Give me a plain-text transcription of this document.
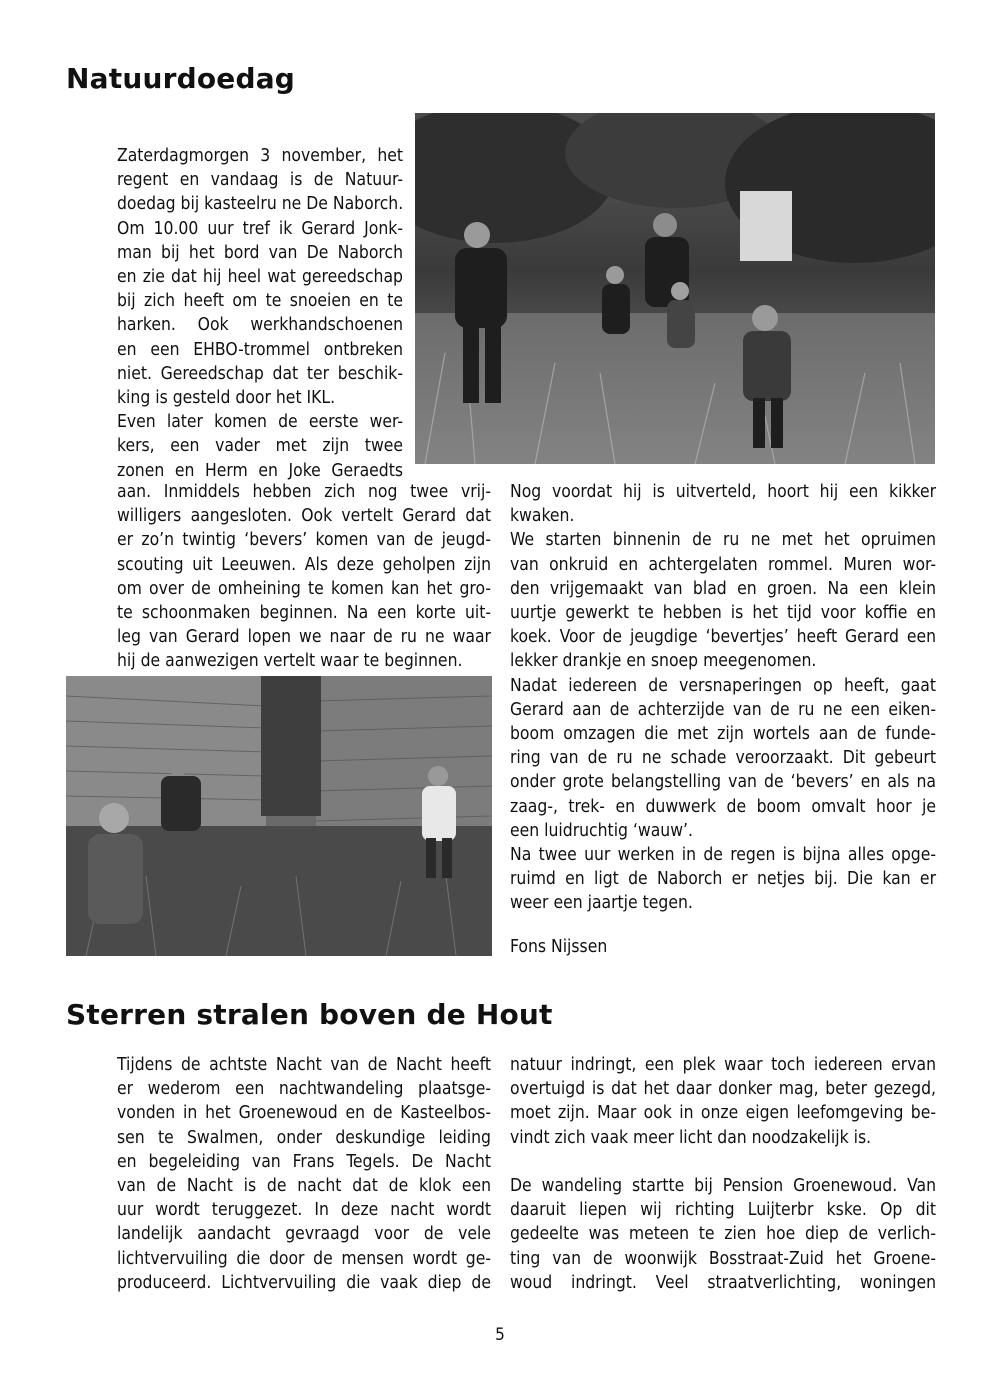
Natuurdoedag
Zaterdagmorgen 3 november, het
regent en vandaag is de Natuur-
doedag bij kasteelru ne De Naborch.
Om 10.00 uur tref ik Gerard Jonk-
man bij het bord van De Naborch
en zie dat hij heel wat gereedschap
bij zich heeft om te snoeien en te
harken. Ook werkhandschoenen
en een EHBO-trommel ontbreken
niet. Gereedschap dat ter beschik-
king is gesteld door het IKL.
Even later komen de eerste wer-
kers, een vader met zijn twee
zonen en Herm en Joke Geraedts
aan. Inmiddels hebben zich nog twee vrij-
willigers aangesloten. Ook vertelt Gerard dat
er zo’n twintig ‘bevers’ komen van de jeugd-
scouting uit Leeuwen. Als deze geholpen zijn
om over de omheining te komen kan het gro-
te schoonmaken beginnen. Na een korte uit-
leg van Gerard lopen we naar de ru ne waar
hij de aanwezigen vertelt waar te beginnen.
Nog voordat hij is uitverteld, hoort hij een kikker
kwaken.
We starten binnenin de ru ne met het opruimen
van onkruid en achtergelaten rommel. Muren wor-
den vrijgemaakt van blad en groen. Na een klein
uurtje gewerkt te hebben is het tijd voor koffie en
koek. Voor de jeugdige ‘bevertjes’ heeft Gerard een
lekker drankje en snoep meegenomen.
Nadat iedereen de versnaperingen op heeft, gaat
Gerard aan de achterzijde van de ru ne een eiken-
boom omzagen die met zijn wortels aan de funde-
ring van de ru ne schade veroorzaakt. Dit gebeurt
onder grote belangstelling van de ‘bevers’ en als na
zaag-, trek- en duwwerk de boom omvalt hoor je
een luidruchtig ‘wauw’.
Na twee uur werken in de regen is bijna alles opge-
ruimd en ligt de Naborch er netjes bij. Die kan er
weer een jaartje tegen.

Fons Nijssen

Sterren stralen boven de Hout
Tijdens de achtste Nacht van de Nacht heeft
er wederom een nachtwandeling plaatsge-
vonden in het Groenewoud en de Kasteelbos-
sen te Swalmen, onder deskundige leiding
en begeleiding van Frans Tegels. De Nacht
van de Nacht is de nacht dat de klok een
uur wordt teruggezet. In deze nacht wordt
landelijk aandacht gevraagd voor de vele
lichtvervuiling die door de mensen wordt ge-
produceerd. Lichtvervuiling die vaak diep de
natuur indringt, een plek waar toch iedereen ervan
overtuigd is dat het daar donker mag, beter gezegd,
moet zijn. Maar ook in onze eigen leefomgeving be-
vindt zich vaak meer licht dan noodzakelijk is.
De wandeling startte bij Pension Groenewoud. Van
daaruit liepen wij richting Luijterbr kske. Op dit
gedeelte was meteen te zien hoe diep de verlich-
ting van de woonwijk Bosstraat-Zuid het Groene-
woud indringt. Veel straatverlichting, woningen
5
